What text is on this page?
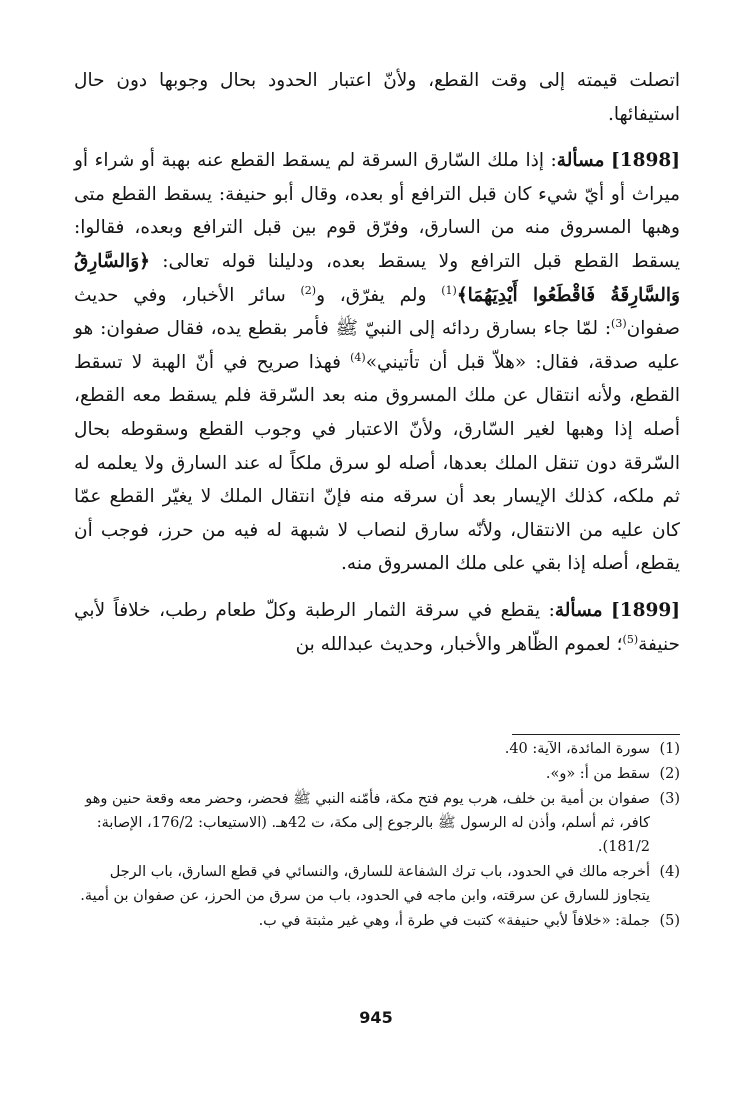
اتصلت قيمته إلى وقت القطع، ولأنّ اعتبار الحدود بحال وجوبها دون حال استيفائها.

[1898] مسألة: إذا ملك السّارق السرقة لم يسقط القطع عنه بهبة أو شراء أو ميراث أو أيّ شيء كان قبل الترافع أو بعده، وقال أبو حنيفة: يسقط القطع متى وهبها المسروق منه من السارق، وفرّق قوم بين قبل الترافع وبعده، فقالوا: يسقط القطع قبل الترافع ولا يسقط بعده، ودليلنا قوله تعالى: ﴿وَالسَّارِقُ وَالسَّارِقَةُ فَاقْطَعُوا أَيْدِيَهُمَا﴾$^{(1)}$ ولم يفرّق، و$^{(2)}$ سائر الأخبار، وفي حديث صفوان$^{(3)}$: لمّا جاء بسارق ردائه إلى النبيّ ﷺ فأمر بقطع يده، فقال صفوان: هو عليه صدقة، فقال: «هلاّ قبل أن تأتيني»$^{(4)}$ فهذا صريح في أنّ الهبة لا تسقط القطع، ولأنه انتقال عن ملك المسروق منه بعد السّرقة فلم يسقط معه القطع، أصله إذا وهبها لغير السّارق، ولأنّ الاعتبار في وجوب القطع وسقوطه بحال السّرقة دون تنقل الملك بعدها، أصله لو سرق ملكاً له عند السارق ولا يعلمه له ثم ملكه، كذلك الإيسار بعد أن سرقه منه فإنّ انتقال الملك لا يغيّر القطع عمّا كان عليه من الانتقال، ولأنّه سارق لنصاب لا شبهة له فيه من حرز، فوجب أن يقطع، أصله إذا بقي على ملك المسروق منه.

[1899] مسألة: يقطع في سرقة الثمار الرطبة وكلّ طعام رطب، خلافاً لأبي حنيفة$^{(5)}$؛ لعموم الظّاهر والأخبار، وحديث عبدالله بن

(1)
سورة المائدة، الآية: 40.
(2)
سقط من أ: «و».
(3)
صفوان بن أمية بن خلف، هرب يوم فتح مكة، فأمّنه النبي ﷺ فحضر، وحضر معه وقعة حنين وهو كافر، ثم أسلم، وأذن له الرسول ﷺ بالرجوع إلى مكة، ت 42هـ. (الاستيعاب: 176/2، الإصابة: 181/2).
(4)
أخرجه مالك في الحدود، باب ترك الشفاعة للسارق، والنسائي في قطع السارق، باب الرجل يتجاوز للسارق عن سرقته، وابن ماجه في الحدود، باب من سرق من الحرز، عن صفوان بن أمية.
(5)
جملة: «خلافاً لأبي حنيفة» كتبت في طرة أ، وهي غير مثبتة في ب.
945
